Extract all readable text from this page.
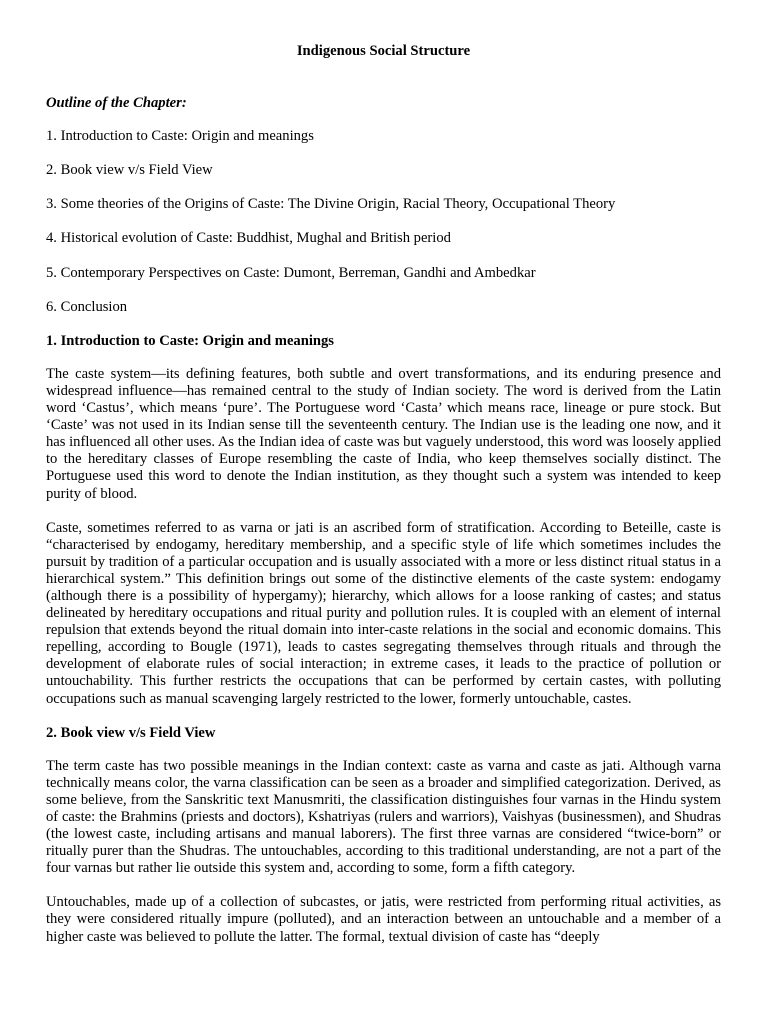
Indigenous Social Structure
Outline of the Chapter:
1. Introduction to Caste: Origin and meanings
2. Book view v/s Field View
3. Some theories of the Origins of Caste: The Divine Origin, Racial Theory, Occupational Theory
4. Historical evolution of Caste: Buddhist, Mughal and British period
5. Contemporary Perspectives on Caste: Dumont, Berreman, Gandhi and Ambedkar
6. Conclusion
1. Introduction to Caste: Origin and meanings

The caste system—its defining features, both subtle and overt transformations, and its enduring presence and widespread influence—has remained central to the study of Indian society. The word is derived from the Latin word ‘Castus’, which means ‘pure’. The Portuguese word ‘Casta’ which means race, lineage or pure stock. But ‘Caste’ was not used in its Indian sense till the seventeenth century. The Indian use is the leading one now, and it has influenced all other uses. As the Indian idea of caste was but vaguely understood, this word was loosely applied to the hereditary classes of Europe resembling the caste of India, who keep themselves socially distinct. The Portuguese used this word to denote the Indian institution, as they thought such a system was intended to keep purity of blood.

Caste, sometimes referred to as varna or jati is an ascribed form of stratification. According to Beteille, caste is “characterised by endogamy, hereditary membership, and a specific style of life which sometimes includes the pursuit by tradition of a particular occupation and is usually associated with a more or less distinct ritual status in a hierarchical system.” This definition brings out some of the distinctive elements of the caste system: endogamy (although there is a possibility of hypergamy); hierarchy, which allows for a loose ranking of castes; and status delineated by hereditary occupations and ritual purity and pollution rules. It is coupled with an element of internal repulsion that extends beyond the ritual domain into inter-caste relations in the social and economic domains. This repelling, according to Bougle (1971), leads to castes segregating themselves through rituals and through the development of elaborate rules of social interaction; in extreme cases, it leads to the practice of pollution or untouchability. This further restricts the occupations that can be performed by certain castes, with polluting occupations such as manual scavenging largely restricted to the lower, formerly untouchable, castes.

2. Book view v/s Field View

The term caste has two possible meanings in the Indian context: caste as varna and caste as jati. Although varna technically means color, the varna classification can be seen as a broader and simplified categorization. Derived, as some believe, from the Sanskritic text Manusmriti, the classification distinguishes four varnas in the Hindu system of caste: the Brahmins (priests and doctors), Kshatriyas (rulers and warriors), Vaishyas (businessmen), and Shudras (the lowest caste, including artisans and manual laborers). The first three varnas are considered “twice-born” or ritually purer than the Shudras. The untouchables, according to this traditional understanding, are not a part of the four varnas but rather lie outside this system and, according to some, form a fifth category.

Untouchables, made up of a collection of subcastes, or jatis, were restricted from performing ritual activities, as they were considered ritually impure (polluted), and an interaction between an untouchable and a member of a higher caste was believed to pollute the latter. The formal, textual division of caste has “deeply
